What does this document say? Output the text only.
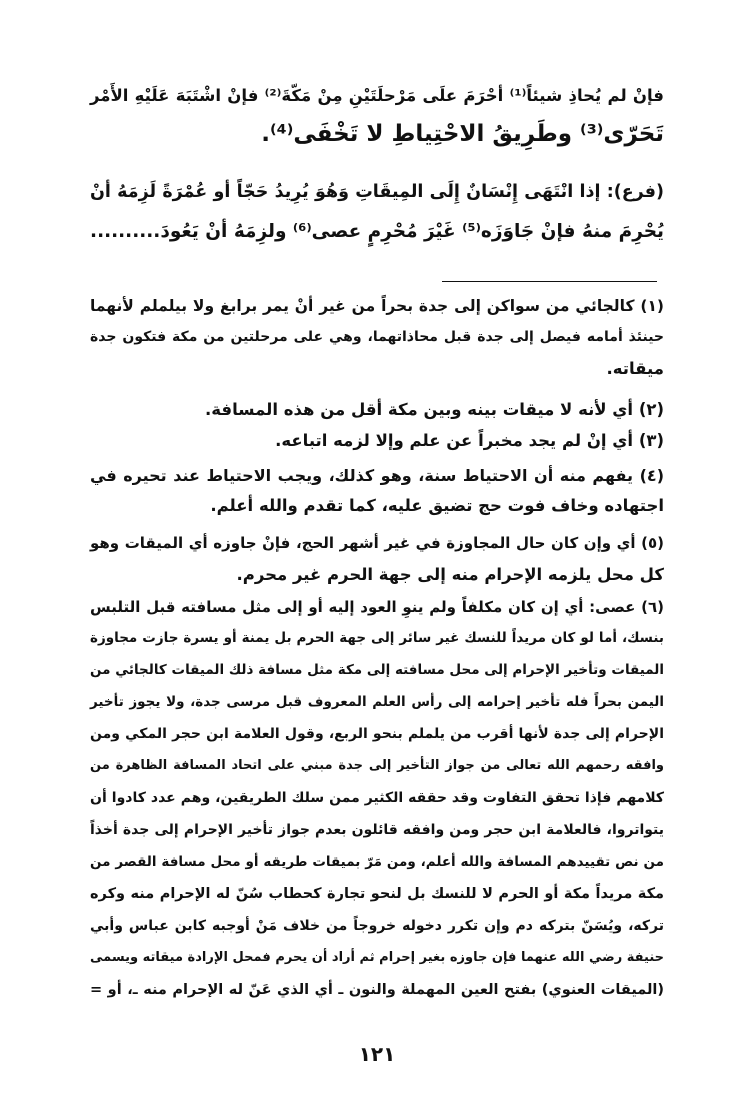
فإنْ لم يُحاذِ شيئاً⁽¹⁾ أحْرَمَ علَى مَرْحلَتَيْنِ مِنْ مَكّةَ⁽²⁾ فإنْ اشْتَبَهَ عَلَيْهِ الأَمْر
تَحَرّى⁽³⁾ وطَرِيقُ الاحْتِياطِ لا تَخْفَى⁽⁴⁾.
(فرع): إذا انْتَهَى إِنْسَانٌ إِلَى المِيقَاتِ وَهُوَ يُرِيدُ حَجّاً أو عُمْرَةً لَزِمَهُ أنْ
يُحْرِمَ منهُ فإنْ جَاوَزَه⁽⁵⁾ غَيْرَ مُحْرِمٍ عصى⁽⁶⁾ ولزِمَهُ أنْ يَعُودَ..........
(١) كالجائي من سواكن إلى جدة بحراً من غير أنْ يمر برابغ ولا بيلملم لأنهما
حينئذ أمامه فيصل إلى جدة قبل محاذاتهما، وهي على مرحلتين من مكة فتكون جدة
ميقاته.
(٢) أي لأنه لا ميقات بينه وبين مكة أقل من هذه المسافة.
(٣) أي إنْ لم يجد مخبراً عن علم وإلا لزمه اتباعه.
(٤) يفهم منه أن الاحتياط سنة، وهو كذلك، ويجب الاحتياط عند تحيره في
اجتهاده وخاف فوت حج تضيق عليه، كما تقدم والله أعلم.
(٥) أي وإن كان حال المجاوزة في غير أشهر الحج، فإنْ جاوزه أي الميقات وهو
كل محل يلزمه الإحرام منه إلى جهة الحرم غير محرم.
(٦) عصى: أي إن كان مكلفاً ولم ينوِ العود إليه أو إلى مثل مسافته قبل التلبس
بنسك، أما لو كان مريداً للنسك غير سائر إلى جهة الحرم بل يمنة أو يسرة جازت مجاوزة
الميقات وتأخير الإحرام إلى محل مسافته إلى مكة مثل مسافة ذلك الميقات كالجائي من
اليمن بحراً فله تأخير إحرامه إلى رأس العلم المعروف قبل مرسى جدة، ولا يجوز تأخير
الإحرام إلى جدة لأنها أقرب من يلملم بنحو الربع، وقول العلامة ابن حجر المكي ومن
وافقه رحمهم الله تعالى من جواز التأخير إلى جدة مبني على اتحاد المسافة الظاهرة من
كلامهم فإذا تحقق التفاوت وقد حققه الكثير ممن سلك الطريقين، وهم عدد كادوا أن
يتواتروا، فالعلامة ابن حجر ومن وافقه قائلون بعدم جواز تأخير الإحرام إلى جدة أخذاً
من نص تقييدهم المسافة والله أعلم، ومن مَرّ بميقات طريقه أو محل مسافة القصر من
مكة مريداً مكة أو الحرم لا للنسك بل لنحو تجارة كحطاب سُنّ له الإحرام منه وكره
تركه، ويُسَنّ بتركه دم وإن تكرر دخوله خروجاً من خلاف مَنْ أوجبه كابن عباس وأبي
حنيفة رضي الله عنهما فإن جاوزه بغير إحرام ثم أراد أن يحرم فمحل الإرادة ميقاته ويسمى
(الميقات العنوي) بفتح العين المهملة والنون ـ أي الذي عَنّ له الإحرام منه ـ، أو =
١٢١
